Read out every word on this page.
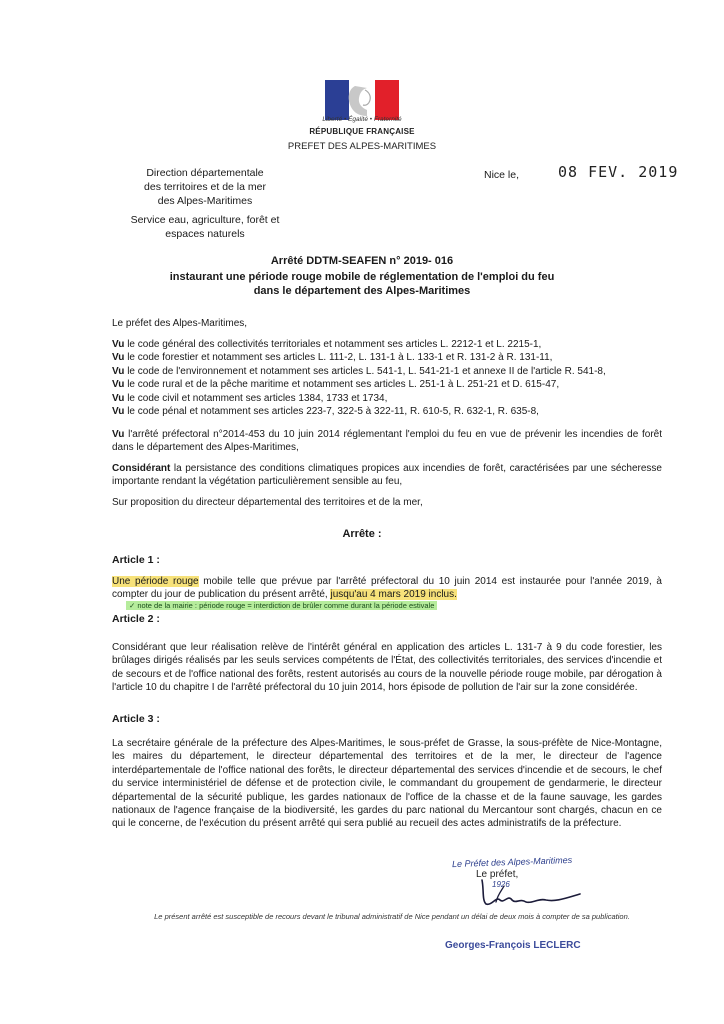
Liberté • Égalité • Fraternité
RÉPUBLIQUE FRANÇAISE
PREFET DES ALPES-MARITIMES
Direction départementale
des territoires et de la mer
des Alpes-Maritimes
Service eau, agriculture, forêt et
espaces naturels
Nice le,	08 FEV. 2019
Arrêté DDTM-SEAFEN n° 2019- 016
instaurant une période rouge mobile de réglementation de l'emploi du feu
dans le département des Alpes-Maritimes
Le préfet des Alpes-Maritimes,
Vu le code général des collectivités territoriales et notamment ses articles L. 2212-1 et L. 2215-1,
Vu le code forestier et notamment ses articles L. 111-2, L. 131-1 à L. 133-1 et R. 131-2 à R. 131-11,
Vu le code de l'environnement et notamment ses articles L. 541-1, L. 541-21-1 et annexe II de l'article R. 541-8,
Vu le code rural et de la pêche maritime et notamment ses articles L. 251-1 à L. 251-21 et D. 615-47,
Vu le code civil et notamment ses articles 1384, 1733 et 1734,
Vu le code pénal et notamment ses articles 223-7, 322-5 à 322-11, R. 610-5, R. 632-1, R. 635-8,
Vu l'arrêté préfectoral n°2014-453 du 10 juin 2014 réglementant l'emploi du feu en vue de prévenir les incendies de forêt dans le département des Alpes-Maritimes,
Considérant la persistance des conditions climatiques propices aux incendies de forêt, caractérisées par une sécheresse importante rendant la végétation particulièrement sensible au feu,
Sur proposition du directeur départemental des territoires et de la mer,
Arrête :
Article 1 :
Une période rouge mobile telle que prévue par l'arrêté préfectoral du 10 juin 2014 est instaurée pour l'année 2019, à compter du jour de publication du présent arrêté, jusqu'au 4 mars 2019 inclus.
✓ note de la mairie : période rouge = interdiction de brûler comme durant la période estivale
Article 2 :
Considérant que leur réalisation relève de l'intérêt général en application des articles L. 131-7 à 9 du code forestier, les brûlages dirigés réalisés par les seuls services compétents de l'État, des collectivités territoriales, des services d'incendie et de secours et de l'office national des forêts, restent autorisés au cours de la nouvelle période rouge mobile, par dérogation à l'article 10 du chapitre I de l'arrêté préfectoral du 10 juin 2014, hors épisode de pollution de l'air sur la zone considérée.
Article 3 :
La secrétaire générale de la préfecture des Alpes-Maritimes, le sous-préfet de Grasse, la sous-préfète de Nice-Montagne, les maires du département, le directeur départemental des territoires et de la mer, le directeur de l'agence interdépartementale de l'office national des forêts, le directeur départemental des services d'incendie et de secours, le chef du service interministériel de défense et de protection civile, le commandant du groupement de gendarmerie, le directeur départemental de la sécurité publique, les gardes nationaux de l'office de la chasse et de la faune sauvage, les gardes nationaux de l'agence française de la biodiversité, les gardes du parc national du Mercantour sont chargés, chacun en ce qui le concerne, de l'exécution du présent arrêté qui sera publié au recueil des actes administratifs de la préfecture.
Le Préfet des Alpes-Maritimes
Le préfet,
1926
Le présent arrêté est susceptible de recours devant le tribunal administratif de Nice pendant un délai de deux mois à compter de sa publication.
Georges-François LECLERC
